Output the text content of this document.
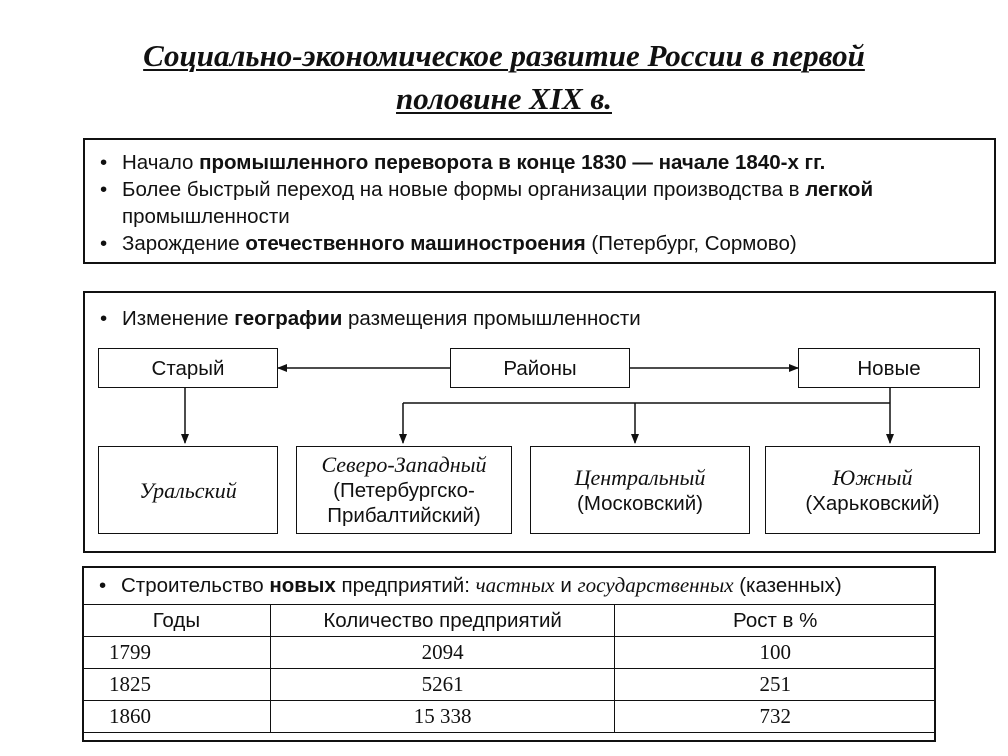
Социально-экономическое развитие России в первой
половине XIX в.
• Начало промышленного переворота в конце 1830 — начале 1840-х гг.
• Более быстрый переход на новые формы организации производства в легкой промышленности
• Зарождение отечественного машиностроения (Петербург, Сормово)
• Изменение географии размещения промышленности
Старый	Районы	Новые
Уральский
Северо-Западный
(Петербургско-
Прибалтийский)
Центральный
(Московский)
Южный
(Харьковский)
• Строительство новых предприятий: частных и государственных (казенных)
Годы	Количество предприятий	Рост в %
1799	2094	100
1825	5261	251
1860	15 338	732
